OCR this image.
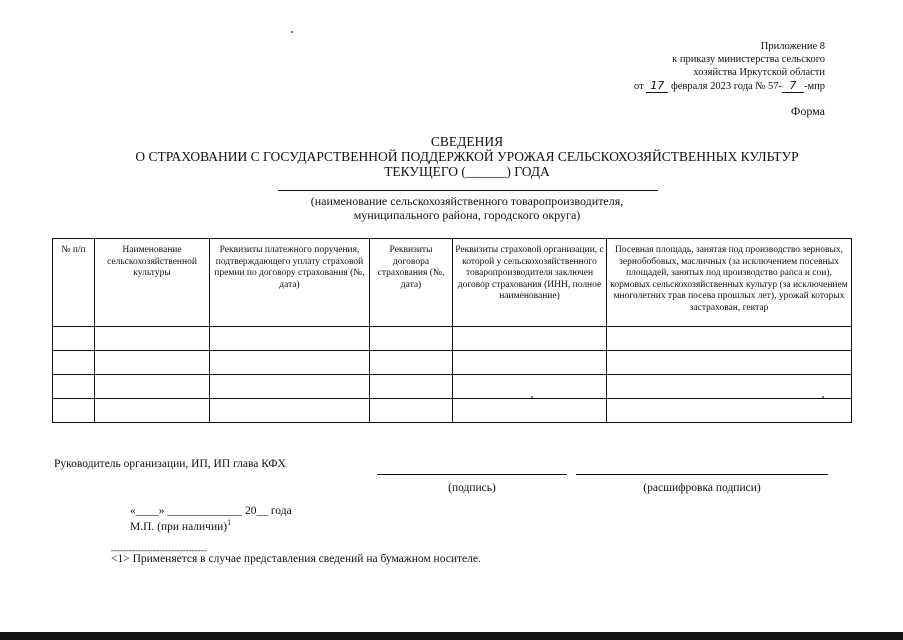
Приложение 8
к приказу министерства сельского
хозяйства Иркутской области
от 17 февраля 2023 года № 57- 7 -мпр
Форма
СВЕДЕНИЯ
О СТРАХОВАНИИ С ГОСУДАРСТВЕННОЙ ПОДДЕРЖКОЙ УРОЖАЯ СЕЛЬСКОХОЗЯЙСТВЕННЫХ КУЛЬТУР
ТЕКУЩЕГО (______) ГОДА
(наименование сельскохозяйственного товаропроизводителя,
муниципального района, городского округа)
№ п/п	Наименование сельскохозяйственной культуры	Реквизиты платежного поручения, подтверждающего уплату страховой премии по договору страхования (№, дата)	Реквизиты договора страхования (№, дата)	Реквизиты страховой организации, с которой у сельскохозяйственного товаропроизводителя заключен договор страхования (ИНН, полное наименование)	Посевная площадь, занятая под производство зерновых, зернобобовых, масличных (за исключением посевных площадей, занятых под производство рапса и сои), кормовых сельскохозяйственных культур (за исключением многолетних трав посева прошлых лет), урожай которых застрахован, гектар

Руководитель организации, ИП, ИП глава КФХ
(подпись)	(расшифровка подписи)
«____» _____________ 20__ года
М.П. (при наличии)$^1$
--------------------------------
<1> Применяется в случае представления сведений на бумажном носителе.
